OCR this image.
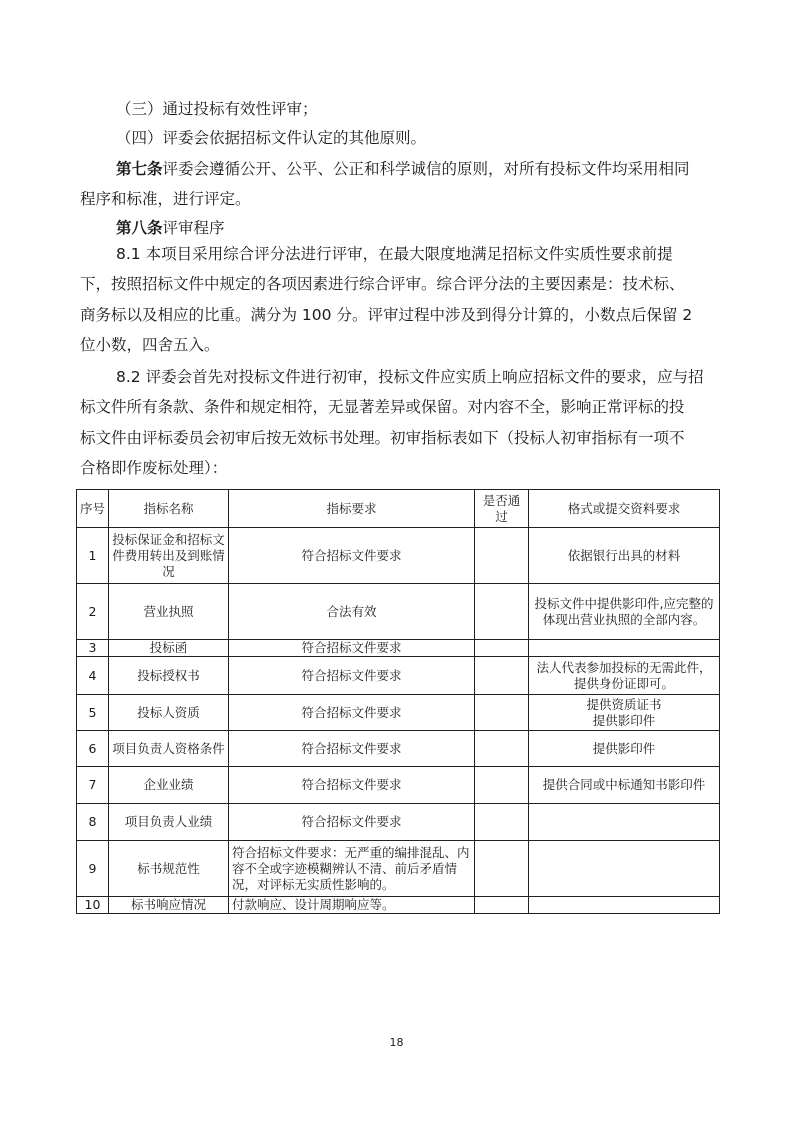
（三）通过投标有效性评审；
（四）评委会依据招标文件认定的其他原则。
第七条评委会遵循公开、公平、公正和科学诚信的原则，对所有投标文件均采用相同
程序和标准，进行评定。
第八条评审程序
8.1 本项目采用综合评分法进行评审，在最大限度地满足招标文件实质性要求前提
下，按照招标文件中规定的各项因素进行综合评审。综合评分法的主要因素是：技术标、
商务标以及相应的比重。满分为 100 分。评审过程中涉及到得分计算的，小数点后保留 2
位小数，四舍五入。
8.2 评委会首先对投标文件进行初审，投标文件应实质上响应招标文件的要求，应与招
标文件所有条款、条件和规定相符，无显著差异或保留。对内容不全，影响正常评标的投
标文件由评标委员会初审后按无效标书处理。初审指标表如下（投标人初审指标有一项不
合格即作废标处理）：
序号	指标名称	指标要求	是否通过	格式或提交资料要求
1	投标保证金和招标文件费用转出及到账情况	符合招标文件要求		依据银行出具的材料
2	营业执照	合法有效		投标文件中提供影印件,应完整的体现出营业执照的全部内容。
3	投标函	符合招标文件要求		
4	投标授权书	符合招标文件要求		法人代表参加投标的无需此件，提供身份证即可。
5	投标人资质	符合招标文件要求		提供资质证书
提供影印件
6	项目负责人资格条件	符合招标文件要求		提供影印件
7	企业业绩	符合招标文件要求		提供合同或中标通知书影印件
8	项目负责人业绩	符合招标文件要求		
9	标书规范性	符合招标文件要求：无严重的编排混乱、内容不全或字迹模糊辨认不清、前后矛盾情况，对评标无实质性影响的。		
10	标书响应情况	付款响应、设计周期响应等。		
18
